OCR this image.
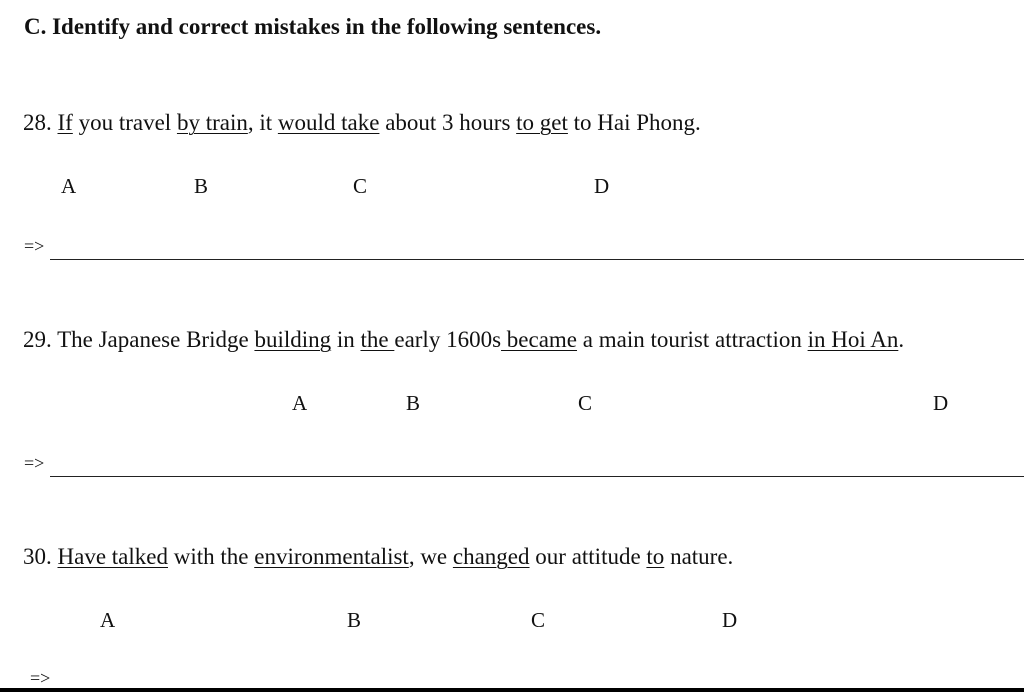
C. Identify and correct mistakes in the following sentences.
28. If you travel by train, it would take about 3 hours to get to Hai Phong.
A	B	C	D
=>
29. The Japanese Bridge building in the early 1600s became a main tourist attraction in Hoi An.
A	B	C	D
=>
30. Have talked with the environmentalist, we changed our attitude to nature.
A	B	C	D
=>
